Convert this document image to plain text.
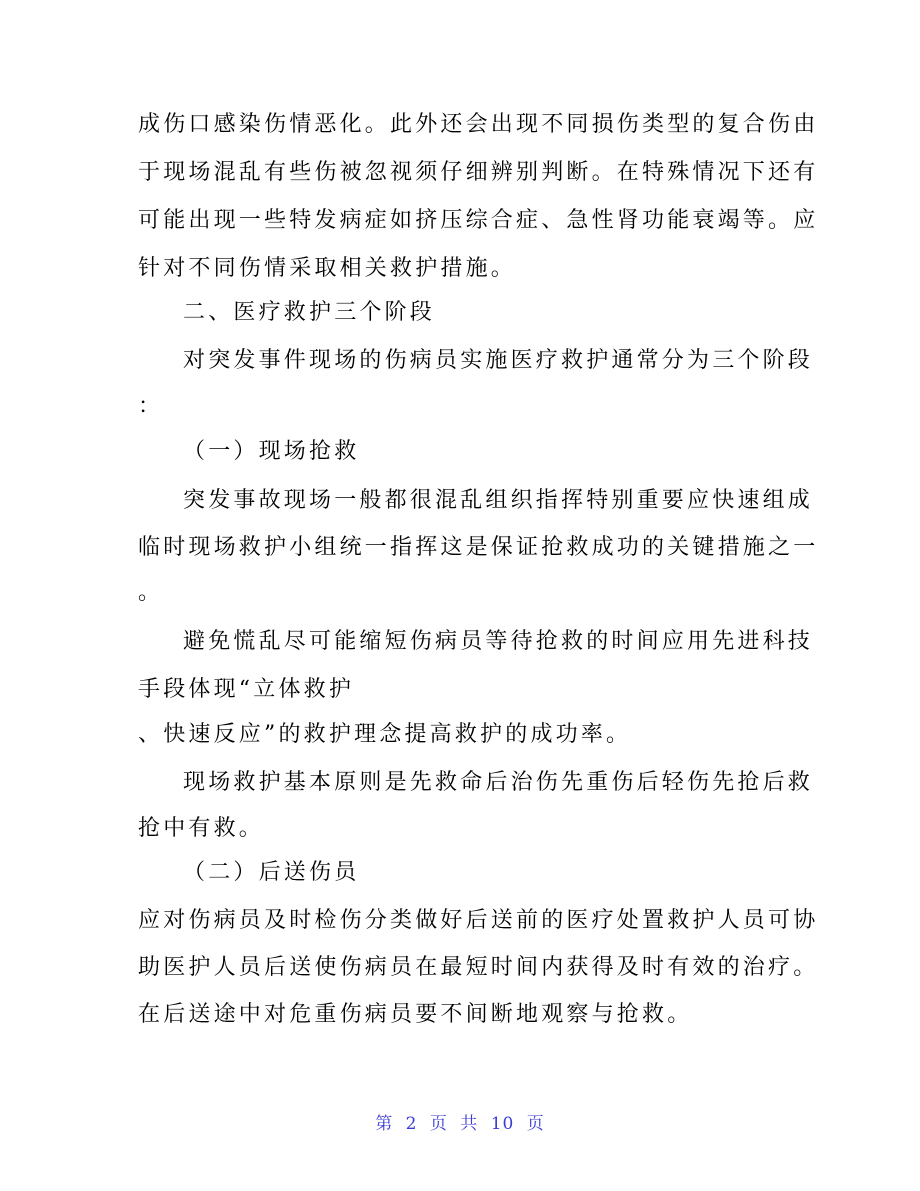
成伤口感染伤情恶化。此外还会出现不同损伤类型的复合伤由
于现场混乱有些伤被忽视须仔细辨别判断。在特殊情况下还有
可能出现一些特发病症如挤压综合症、急性肾功能衰竭等。应
针对不同伤情采取相关救护措施。
二、医疗救护三个阶段
对突发事件现场的伤病员实施医疗救护通常分为三个阶段
：
（一）现场抢救
突发事故现场一般都很混乱组织指挥特别重要应快速组成
临时现场救护小组统一指挥这是保证抢救成功的关键措施之一
。
避免慌乱尽可能缩短伤病员等待抢救的时间应用先进科技
手段体现“立体救护
、快速反应”的救护理念提高救护的成功率。
现场救护基本原则是先救命后治伤先重伤后轻伤先抢后救
抢中有救。
（二）后送伤员
应对伤病员及时检伤分类做好后送前的医疗处置救护人员可协
助医护人员后送使伤病员在最短时间内获得及时有效的治疗。
在后送途中对危重伤病员要不间断地观察与抢救。
第 2 页 共 10 页
